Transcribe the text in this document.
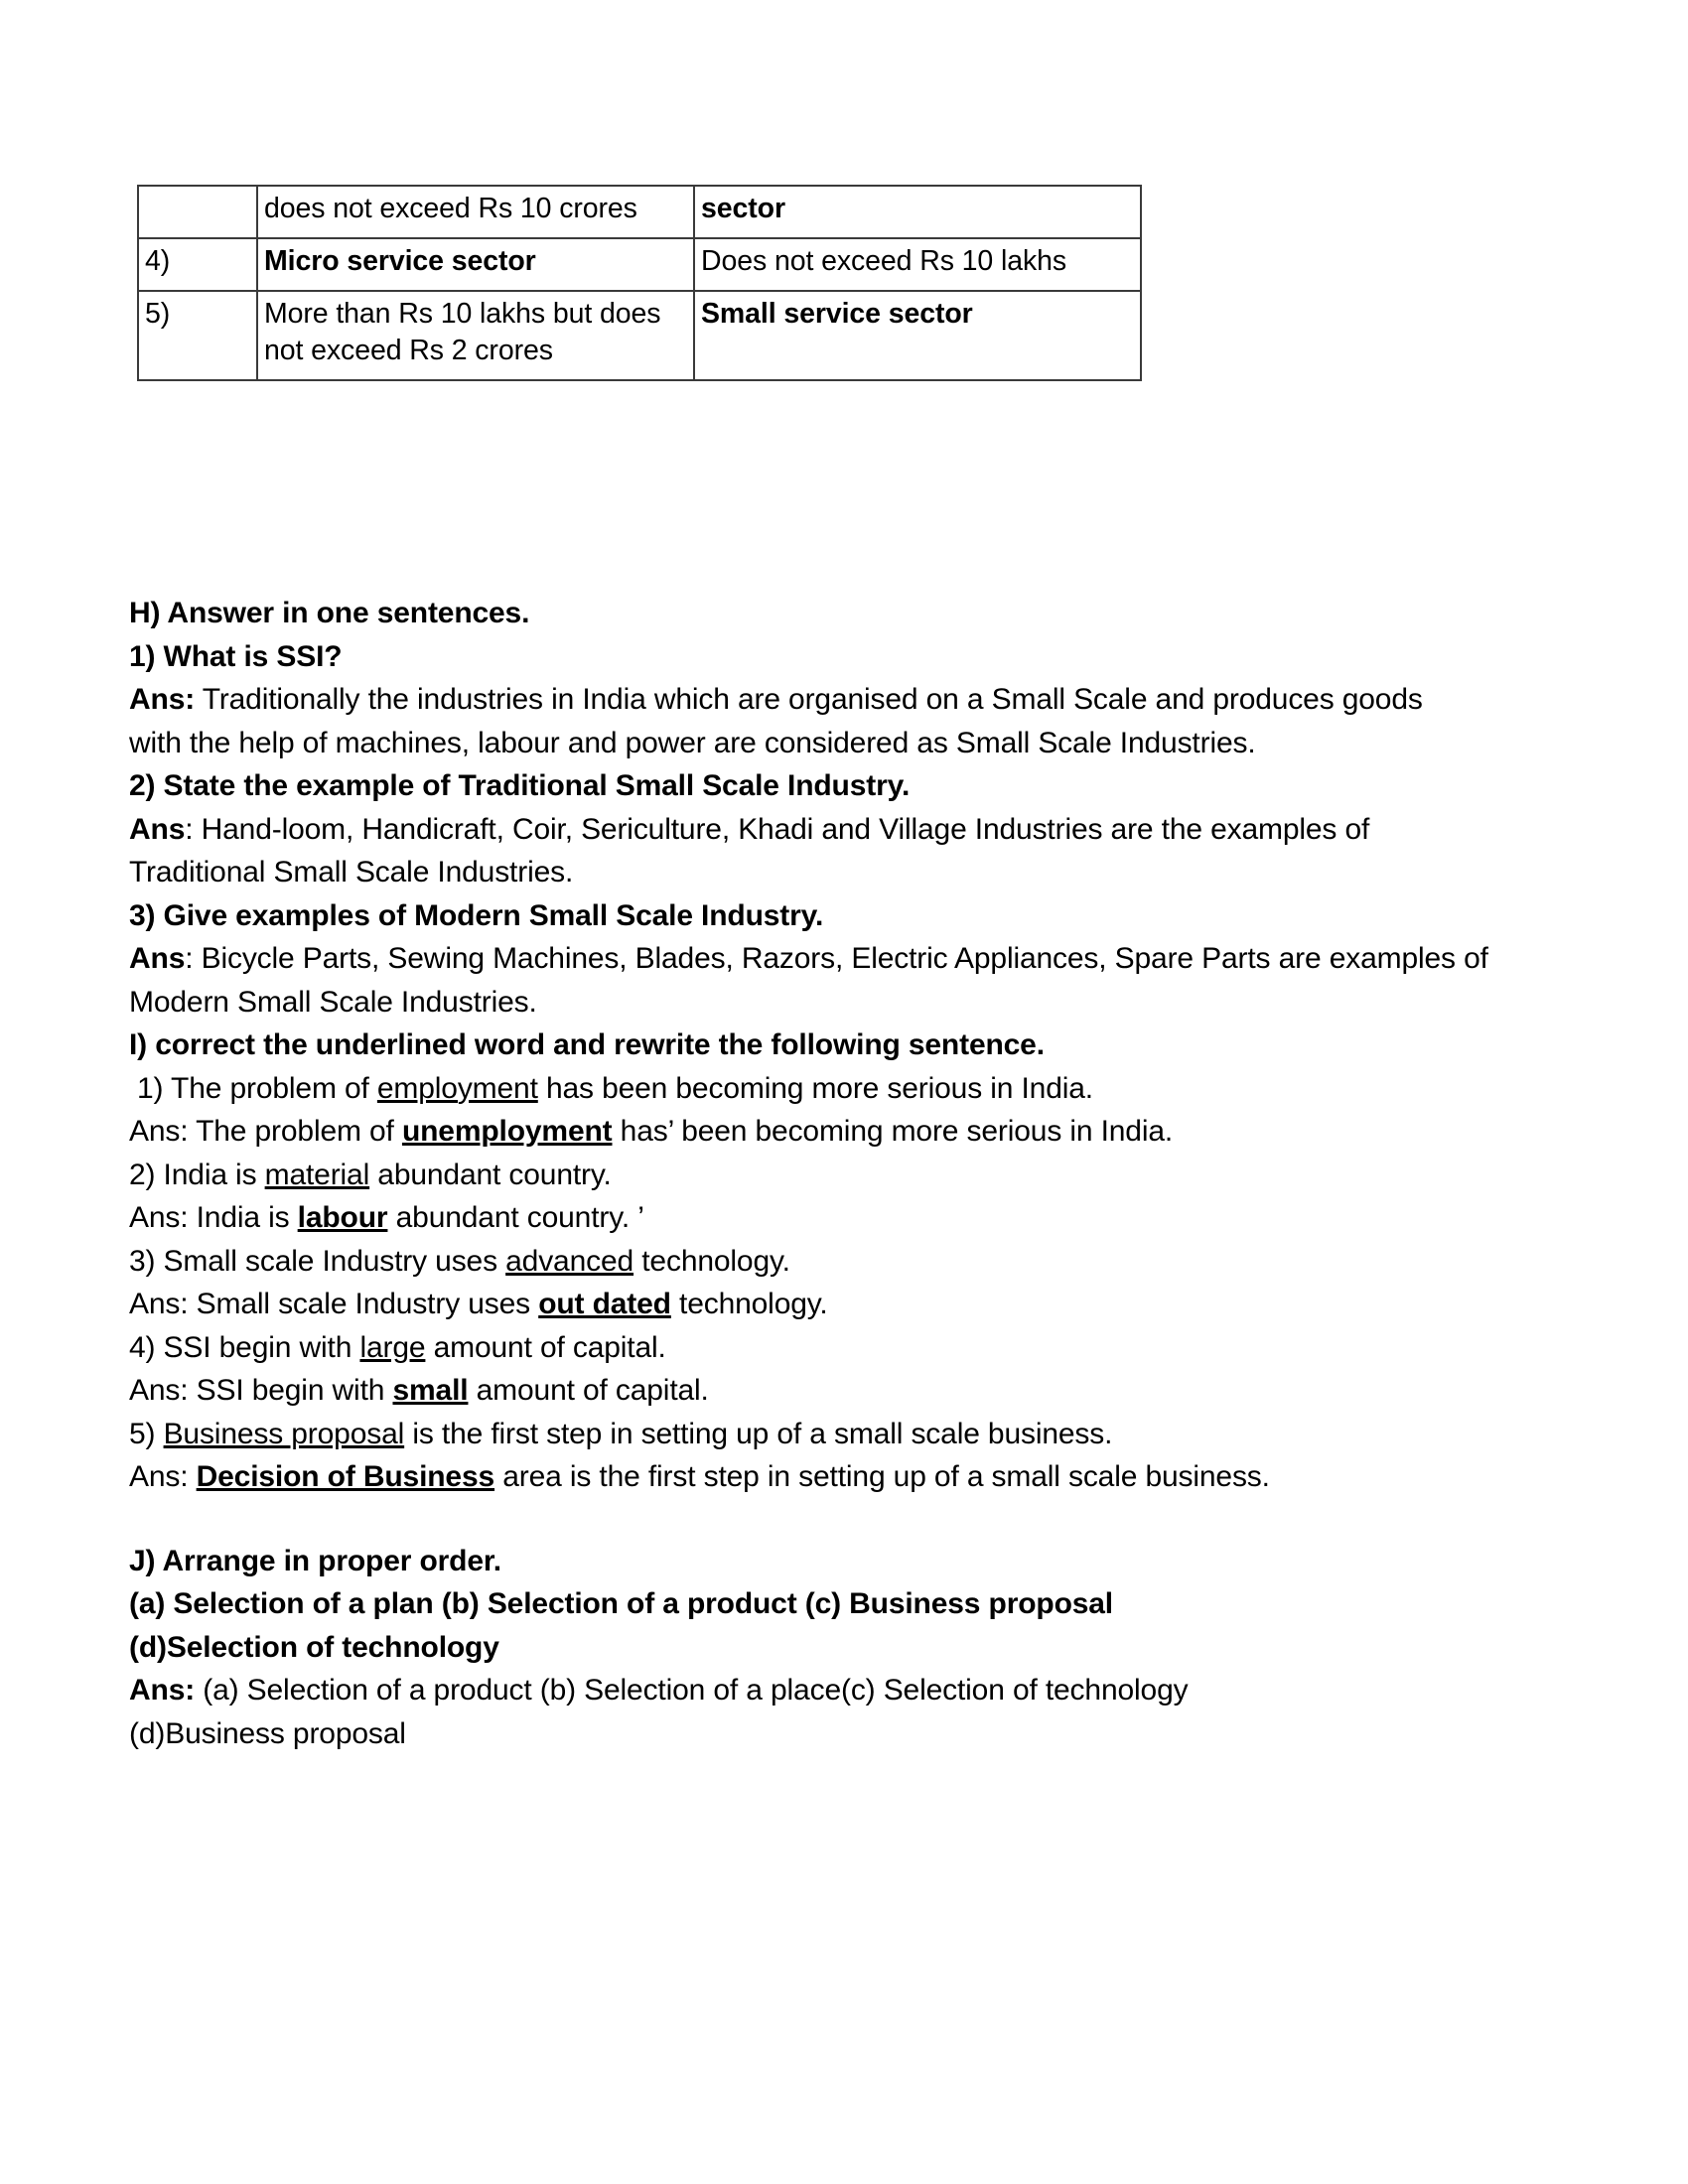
	does not exceed Rs 10 crores	sector
4)	Micro service sector	Does not exceed Rs 10 lakhs
5)	More than Rs 10 lakhs but does not exceed Rs 2 crores	Small service sector
H) Answer in one sentences.
1) What is SSI?
Ans: Traditionally the industries in India which are organised on a Small Scale and produces goods with the help of machines, labour and power are considered as Small Scale Industries.
2) State the example of Traditional Small Scale Industry.
Ans: Hand-loom, Handicraft, Coir, Sericulture, Khadi and Village Industries are the examples of Traditional Small Scale Industries.
3) Give examples of Modern Small Scale Industry.
Ans: Bicycle Parts, Sewing Machines, Blades, Razors, Electric Appliances, Spare Parts are examples of Modern Small Scale Industries.
I) correct the underlined word and rewrite the following sentence.
1) The problem of employment has been becoming more serious in India.
Ans: The problem of unemployment has’ been becoming more serious in India.
2) India is material abundant country.
Ans: India is labour abundant country. ’
3) Small scale Industry uses advanced technology.
Ans: Small scale Industry uses out dated technology.
4) SSI begin with large amount of capital.
Ans: SSI begin with small amount of capital.
5) Business proposal is the first step in setting up of a small scale business.
Ans: Decision of Business area is the first step in setting up of a small scale business.
J) Arrange in proper order.
(a) Selection of a plan (b) Selection of a product (c) Business proposal
(d)Selection of technology
Ans: (a) Selection of a product (b) Selection of a place(c) Selection of technology
(d)Business proposal
